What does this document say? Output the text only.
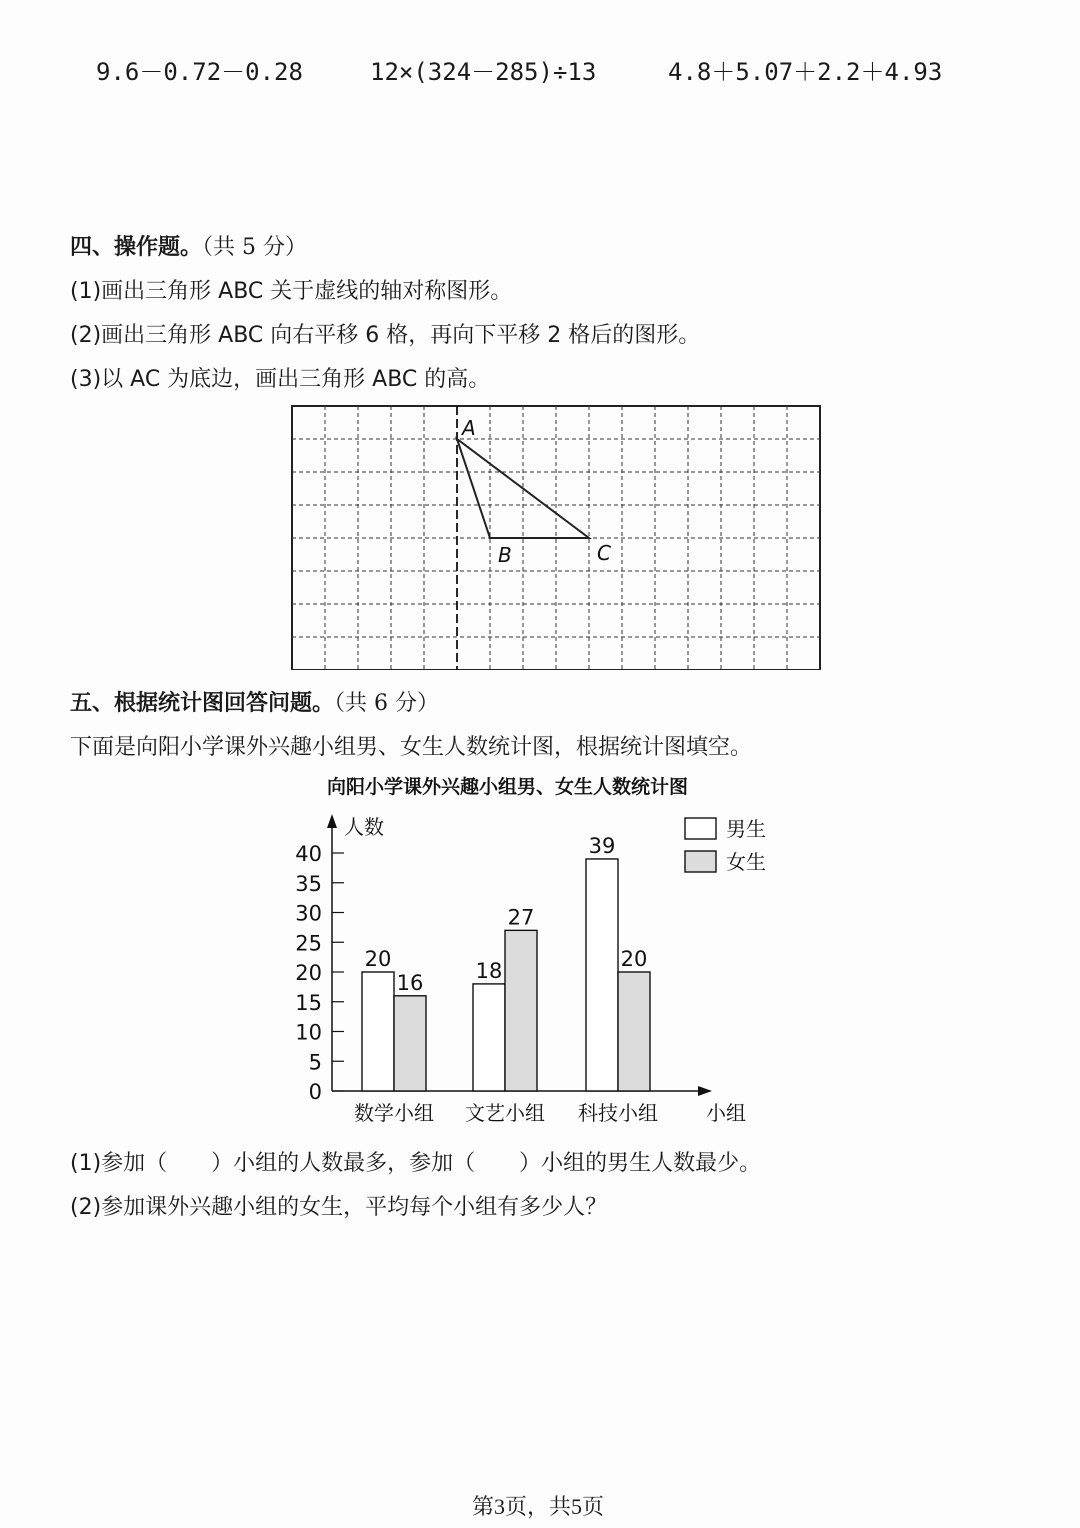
9.6－0.72－0.28	12×(324－285)÷13	4.8＋5.07＋2.2＋4.93
四、操作题。（共 5 分）
(1)画出三角形 ABC 关于虚线的轴对称图形。
(2)画出三角形 ABC 向右平移 6 格，再向下平移 2 格后的图形。
(3)以 AC 为底边，画出三角形 ABC 的高。
A
B	C
五、根据统计图回答问题。（共 6 分）
下面是向阳小学课外兴趣小组男、女生人数统计图，根据统计图填空。
向阳小学课外兴趣小组男、女生人数统计图
人数
小组
0
5
10
15
20
25
30
35
40
20
16
数学小组
18
27
文艺小组
39
20
科技小组
男生
女生
(1)参加（　　）小组的人数最多，参加（　　）小组的男生人数最少。
(2)参加课外兴趣小组的女生，平均每个小组有多少人？
第3页，共5页
